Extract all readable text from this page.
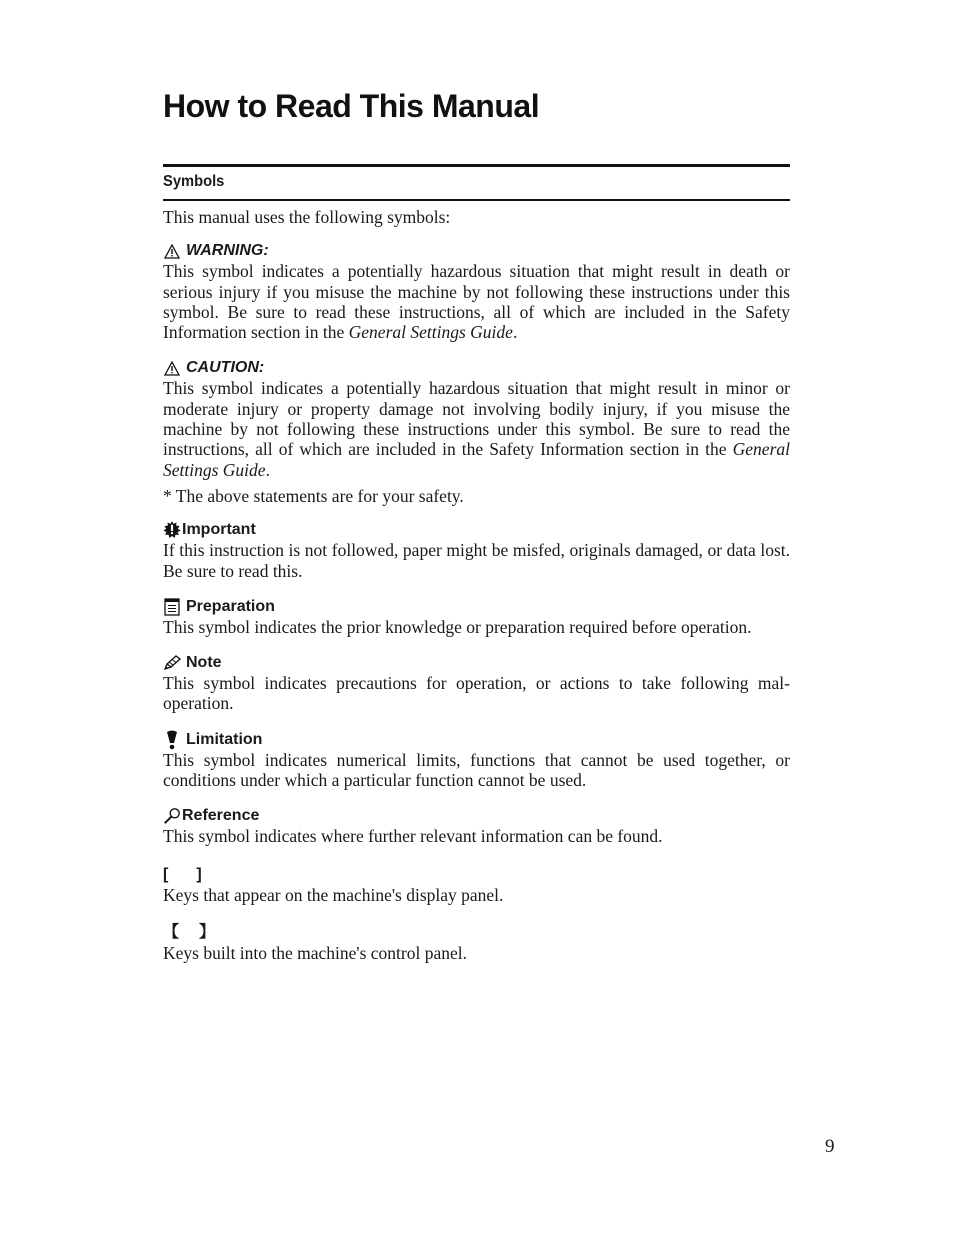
How to Read This Manual
Symbols

This manual uses the following symbols:

WARNING:

This symbol indicates a potentially hazardous situation that might result in death or serious injury if you misuse the machine by not following these instructions under this symbol. Be sure to read these instructions, all of which are included in the Safety Information section in the General Settings Guide.

CAUTION:

This symbol indicates a potentially hazardous situation that might result in minor or moderate injury or property damage not involving bodily injury, if you misuse the machine by not following these instructions under this symbol. Be sure to read the instructions, all of which are included in the Safety Information section in the General Settings Guide.

* The above statements are for your safety.

Important

If this instruction is not followed, paper might be misfed, originals damaged, or data lost. Be sure to read this.

Preparation

This symbol indicates the prior knowledge or preparation required before operation.

Note

This symbol indicates precautions for operation, or actions to take following mal-operation.

Limitation

This symbol indicates numerical limits, functions that cannot be used together, or conditions under which a particular function cannot be used.

Reference

This symbol indicates where further relevant information can be found.

[ ]

Keys that appear on the machine's display panel.

【 】

Keys built into the machine's control panel.

9
